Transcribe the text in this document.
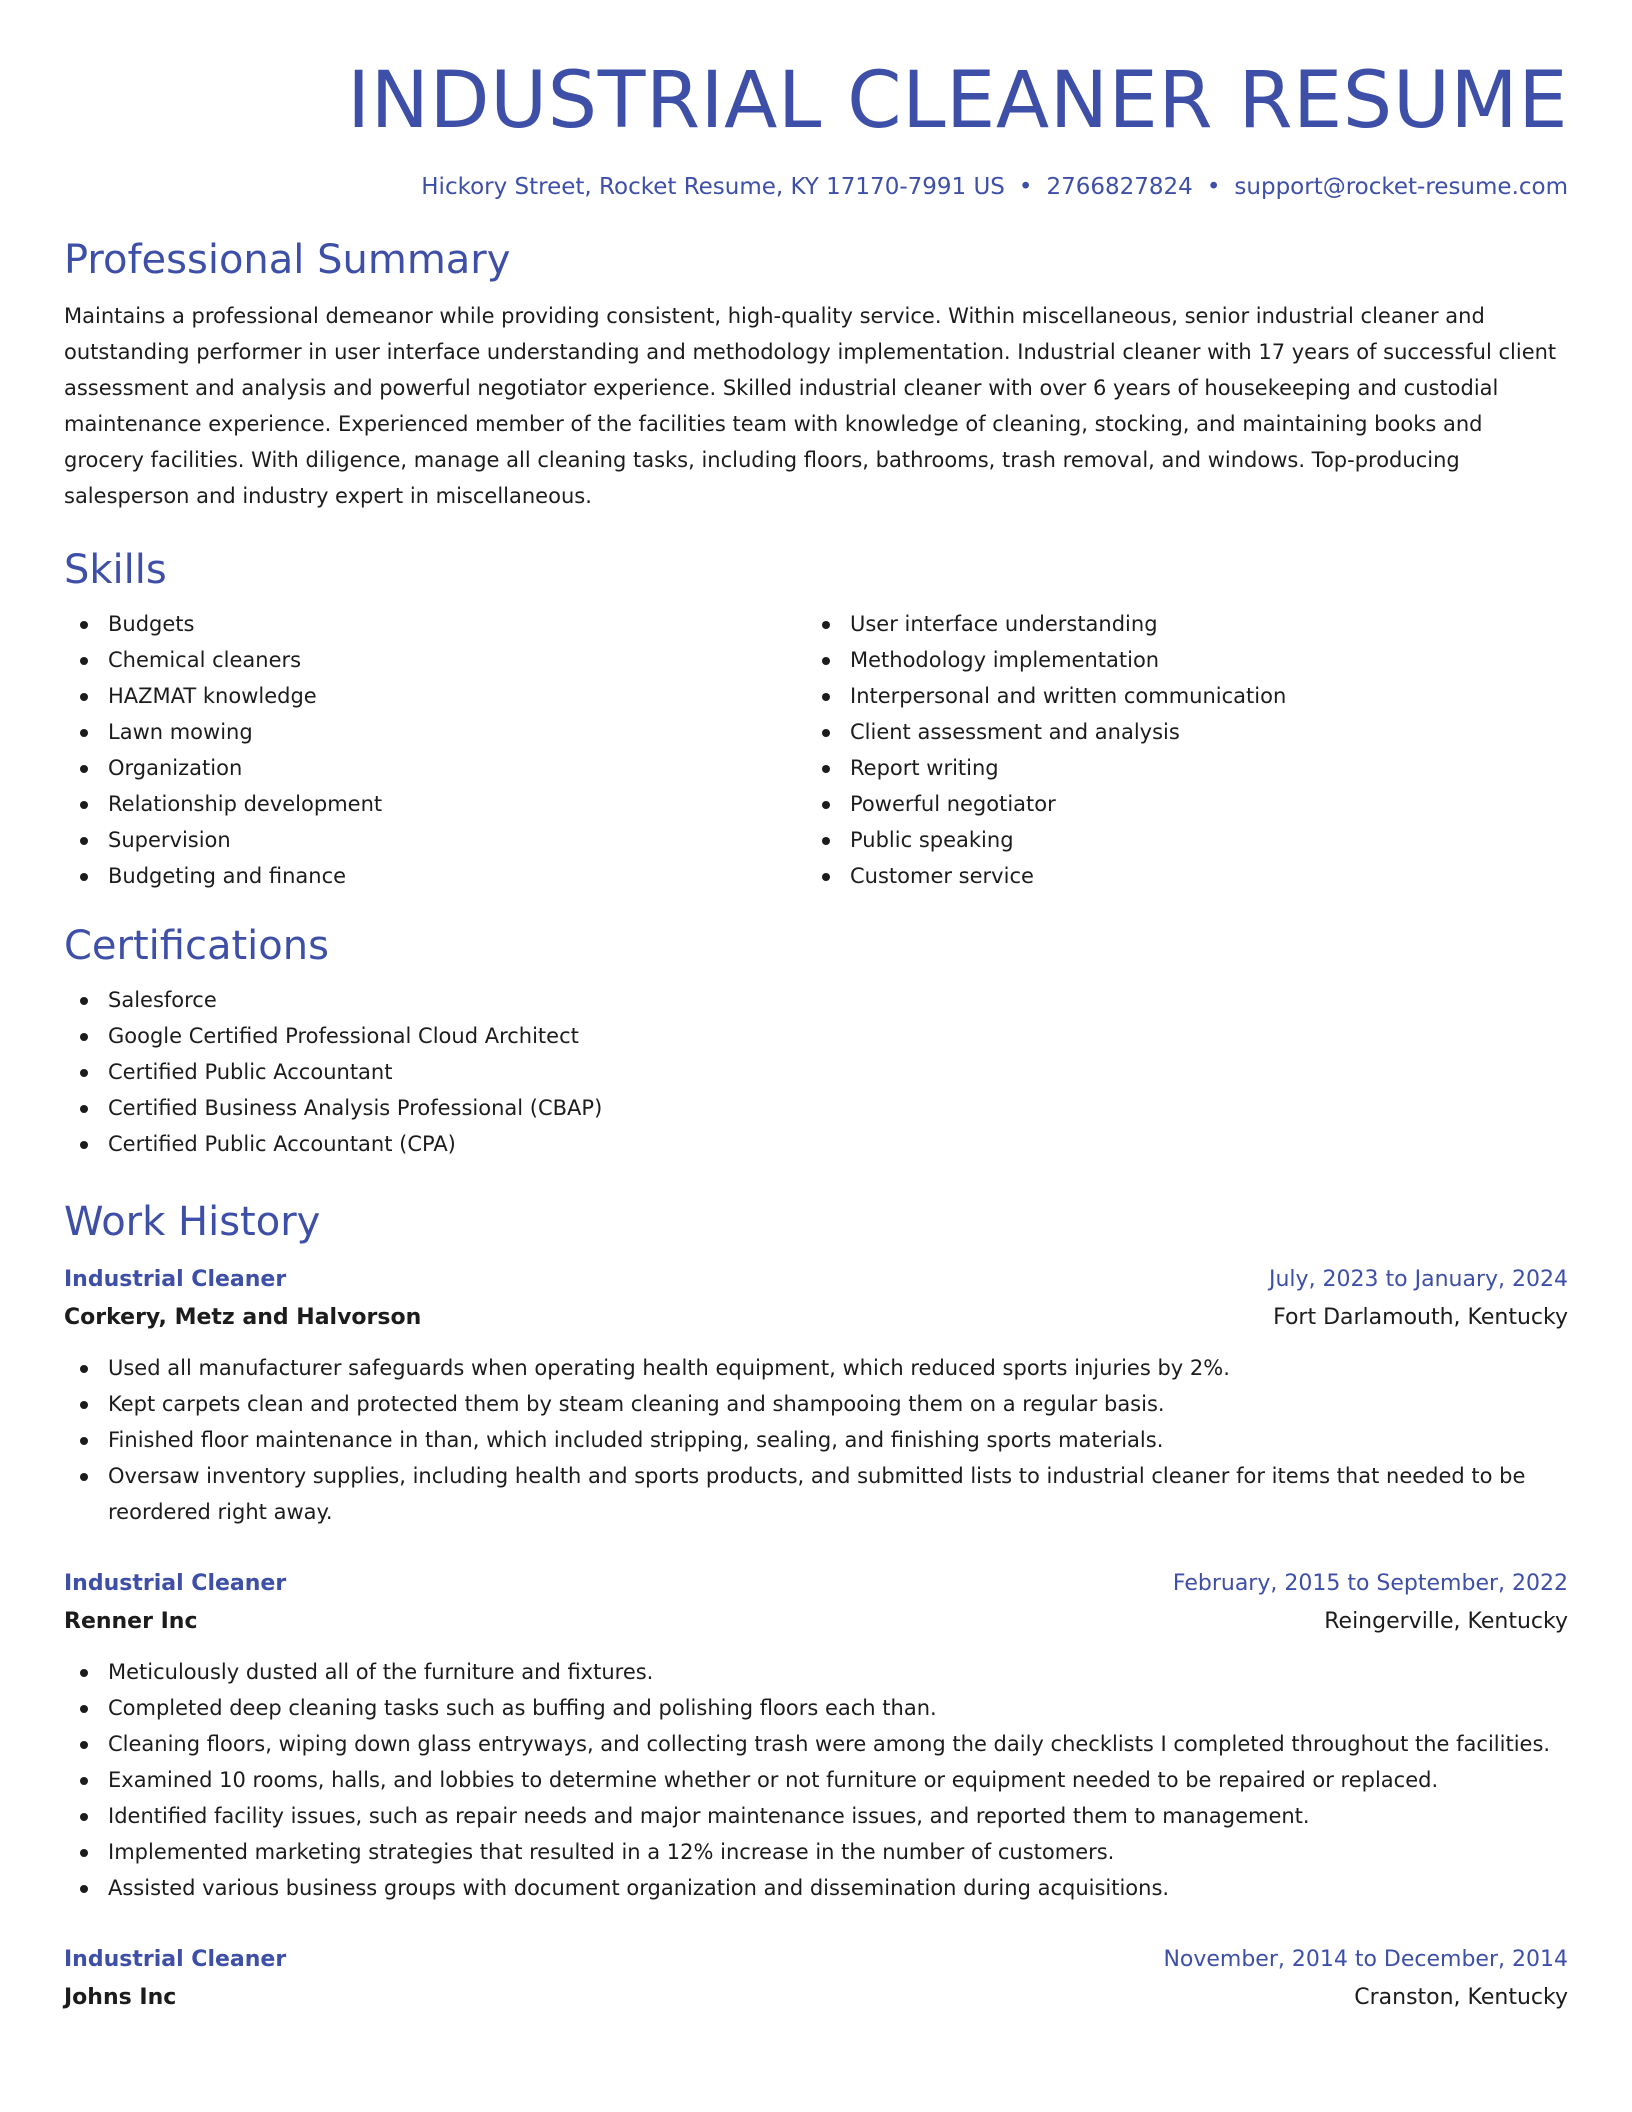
INDUSTRIAL CLEANER RESUME
Hickory Street, Rocket Resume, KY 17170-7991 US • 2766827824 • support@rocket-resume.com
Professional Summary
Maintains a professional demeanor while providing consistent, high-quality service. Within miscellaneous, senior industrial cleaner and outstanding performer in user interface understanding and methodology implementation. Industrial cleaner with 17 years of successful client assessment and analysis and powerful negotiator experience. Skilled industrial cleaner with over 6 years of housekeeping and custodial maintenance experience. Experienced member of the facilities team with knowledge of cleaning, stocking, and maintaining books and grocery facilities. With diligence, manage all cleaning tasks, including floors, bathrooms, trash removal, and windows. Top-producing salesperson and industry expert in miscellaneous.
Skills
Budgets
Chemical cleaners
HAZMAT knowledge
Lawn mowing
Organization
Relationship development
Supervision
Budgeting and finance
User interface understanding
Methodology implementation
Interpersonal and written communication
Client assessment and analysis
Report writing
Powerful negotiator
Public speaking
Customer service
Certifications
Salesforce
Google Certified Professional Cloud Architect
Certified Public Accountant
Certified Business Analysis Professional (CBAP)
Certified Public Accountant (CPA)
Work History
Industrial Cleaner	July, 2023 to January, 2024
Corkery, Metz and Halvorson	Fort Darlamouth, Kentucky
Used all manufacturer safeguards when operating health equipment, which reduced sports injuries by 2%.
Kept carpets clean and protected them by steam cleaning and shampooing them on a regular basis.
Finished floor maintenance in than, which included stripping, sealing, and finishing sports materials.
Oversaw inventory supplies, including health and sports products, and submitted lists to industrial cleaner for items that needed to be reordered right away.
Industrial Cleaner	February, 2015 to September, 2022
Renner Inc	Reingerville, Kentucky
Meticulously dusted all of the furniture and fixtures.
Completed deep cleaning tasks such as buffing and polishing floors each than.
Cleaning floors, wiping down glass entryways, and collecting trash were among the daily checklists I completed throughout the facilities.
Examined 10 rooms, halls, and lobbies to determine whether or not furniture or equipment needed to be repaired or replaced.
Identified facility issues, such as repair needs and major maintenance issues, and reported them to management.
Implemented marketing strategies that resulted in a 12% increase in the number of customers.
Assisted various business groups with document organization and dissemination during acquisitions.
Industrial Cleaner	November, 2014 to December, 2014
Johns Inc	Cranston, Kentucky
